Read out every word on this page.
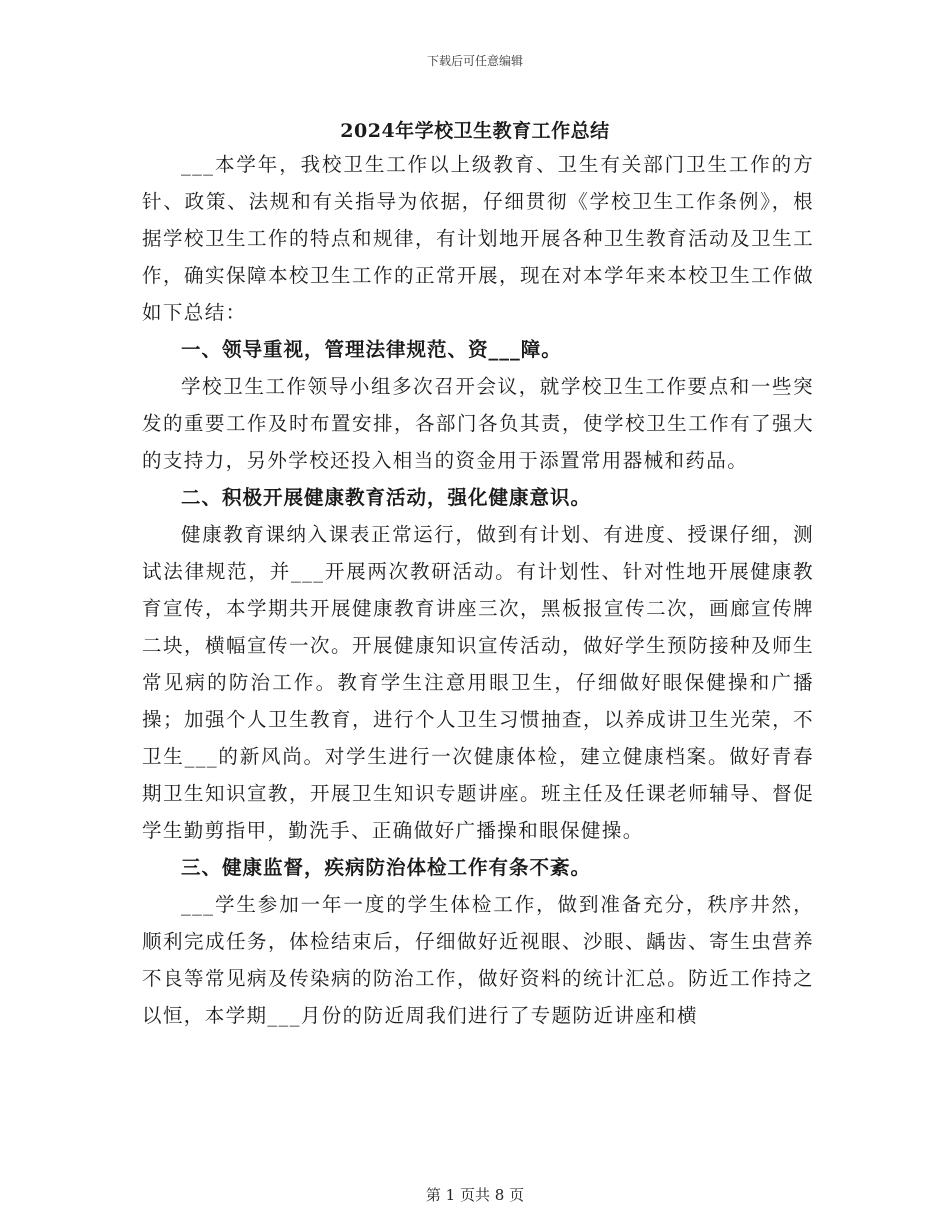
下载后可任意编辑
2024年学校卫生教育工作总结

___本学年，我校卫生工作以上级教育、卫生有关部门卫生工作的方针、政策、法规和有关指导为依据，仔细贯彻《学校卫生工作条例》，根据学校卫生工作的特点和规律，有计划地开展各种卫生教育活动及卫生工作，确实保障本校卫生工作的正常开展，现在对本学年来本校卫生工作做如下总结：

一、领导重视，管理法律规范、资___障。

学校卫生工作领导小组多次召开会议，就学校卫生工作要点和一些突发的重要工作及时布置安排，各部门各负其责，使学校卫生工作有了强大的支持力，另外学校还投入相当的资金用于添置常用器械和药品。

二、积极开展健康教育活动，强化健康意识。

健康教育课纳入课表正常运行，做到有计划、有进度、授课仔细，测试法律规范，并___开展两次教研活动。有计划性、针对性地开展健康教育宣传，本学期共开展健康教育讲座三次，黑板报宣传二次，画廊宣传牌二块，横幅宣传一次。开展健康知识宣传活动，做好学生预防接种及师生常见病的防治工作。教育学生注意用眼卫生，仔细做好眼保健操和广播操；加强个人卫生教育，进行个人卫生习惯抽查，以养成讲卫生光荣，不卫生___的新风尚。对学生进行一次健康体检，建立健康档案。做好青春期卫生知识宣教，开展卫生知识专题讲座。班主任及任课老师辅导、督促学生勤剪指甲，勤洗手、正确做好广播操和眼保健操。

三、健康监督，疾病防治体检工作有条不紊。

___学生参加一年一度的学生体检工作，做到准备充分，秩序井然，顺利完成任务，体检结束后，仔细做好近视眼、沙眼、龋齿、寄生虫营养不良等常见病及传染病的防治工作，做好资料的统计汇总。防近工作持之以恒，本学期___月份的防近周我们进行了专题防近讲座和横

第 1 页共 8 页
